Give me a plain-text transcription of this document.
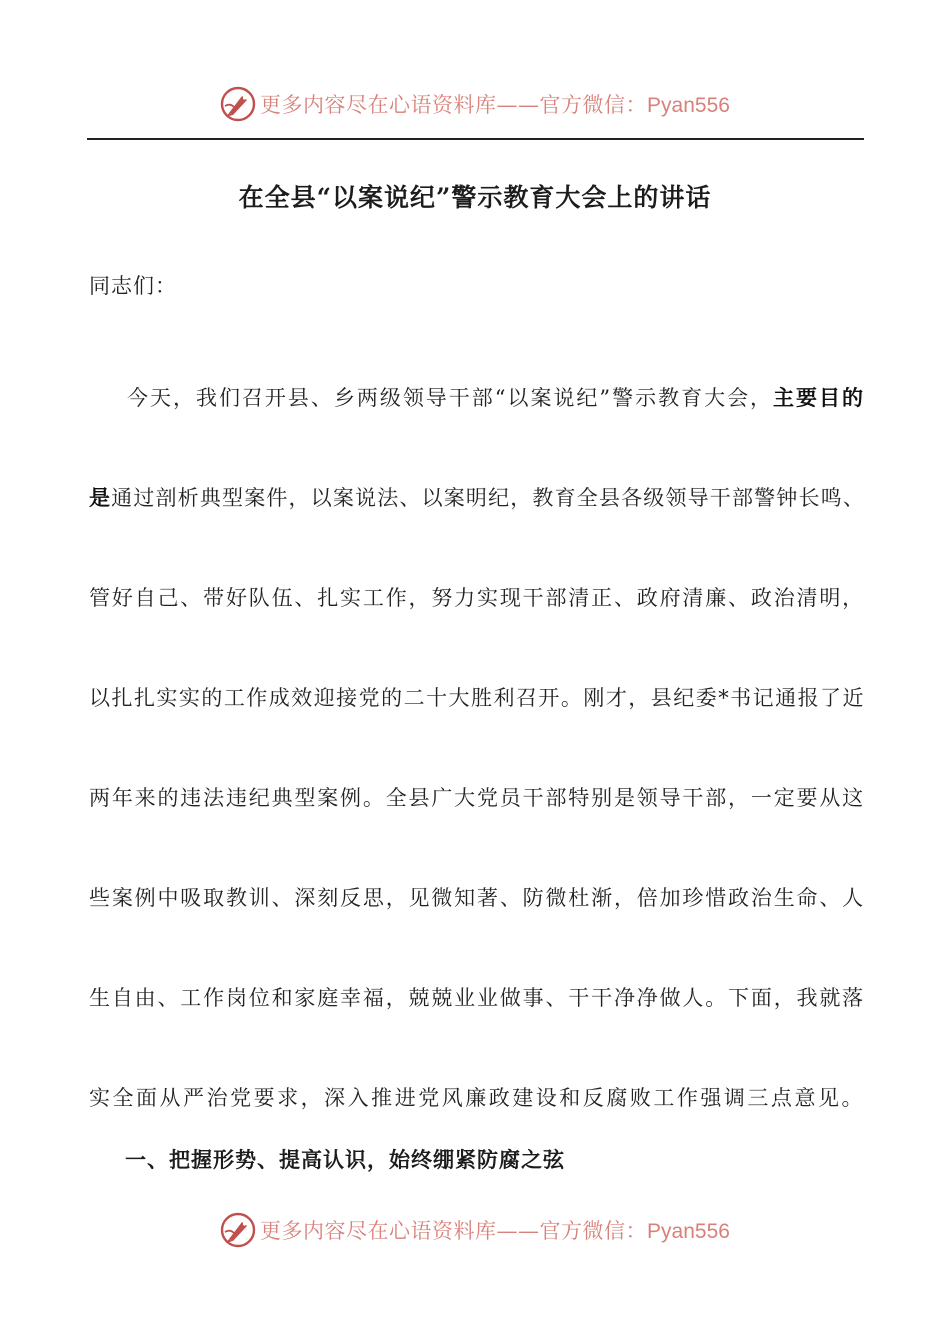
更多内容尽在心语资料库——官方微信：Pyan556
在全县“以案说纪”警示教育大会上的讲话
同志们：
今天，我们召开县、乡两级领导干部“以案说纪”警示教育大会，主要目的
是通过剖析典型案件，以案说法、以案明纪，教育全县各级领导干部警钟长鸣、
管好自己、带好队伍、扎实工作，努力实现干部清正、政府清廉、政治清明，
以扎扎实实的工作成效迎接党的二十大胜利召开。刚才，县纪委*书记通报了近
两年来的违法违纪典型案例。全县广大党员干部特别是领导干部，一定要从这
些案例中吸取教训、深刻反思，见微知著、防微杜渐，倍加珍惜政治生命、人
生自由、工作岗位和家庭幸福，兢兢业业做事、干干净净做人。下面，我就落
实全面从严治党要求，深入推进党风廉政建设和反腐败工作强调三点意见。
一、把握形势、提高认识，始终绷紧防腐之弦
更多内容尽在心语资料库——官方微信：Pyan556
